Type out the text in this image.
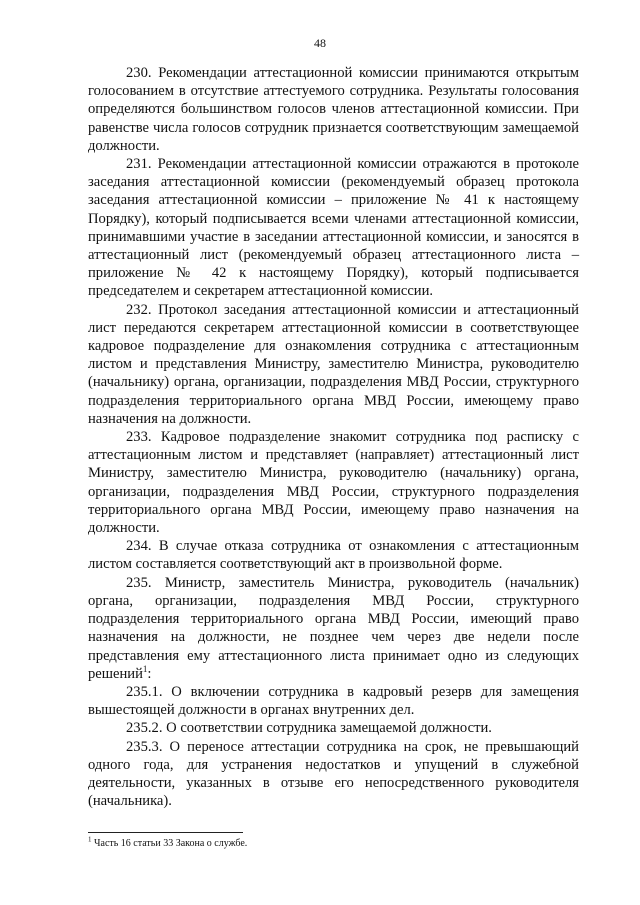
48

230. Рекомендации аттестационной комиссии принимаются открытым голосованием в отсутствие аттестуемого сотрудника. Результаты голосования определяются большинством голосов членов аттестационной комиссии. При равенстве числа голосов сотрудник признается соответствующим замещаемой должности.

231. Рекомендации аттестационной комиссии отражаются в протоколе заседания аттестационной комиссии (рекомендуемый образец протокола заседания аттестационной комиссии – приложение № 41 к настоящему Порядку), который подписывается всеми членами аттестационной комиссии, принимавшими участие в заседании аттестационной комиссии, и заносятся в аттестационный лист (рекомендуемый образец аттестационного листа – приложение № 42 к настоящему Порядку), который подписывается председателем и секретарем аттестационной комиссии.

232. Протокол заседания аттестационной комиссии и аттестационный лист передаются секретарем аттестационной комиссии в соответствующее кадровое подразделение для ознакомления сотрудника с аттестационным листом и представления Министру, заместителю Министра, руководителю (начальнику) органа, организации, подразделения МВД России, структурного подразделения территориального органа МВД России, имеющему право назначения на должности.

233. Кадровое подразделение знакомит сотрудника под расписку с аттестационным листом и представляет (направляет) аттестационный лист Министру, заместителю Министра, руководителю (начальнику) органа, организации, подразделения МВД России, структурного подразделения территориального органа МВД России, имеющему право назначения на должности.

234. В случае отказа сотрудника от ознакомления с аттестационным листом составляется соответствующий акт в произвольной форме.

235. Министр, заместитель Министра, руководитель (начальник) органа, организации, подразделения МВД России, структурного подразделения территориального органа МВД России, имеющий право назначения на должности, не позднее чем через две недели после представления ему аттестационного листа принимает одно из следующих решений$^1$:

235.1. О включении сотрудника в кадровый резерв для замещения вышестоящей должности в органах внутренних дел.

235.2. О соответствии сотрудника замещаемой должности.

235.3. О переносе аттестации сотрудника на срок, не превышающий одного года, для устранения недостатков и упущений в служебной деятельности, указанных в отзыве его непосредственного руководителя (начальника).

$^1$ Часть 16 статьи 33 Закона о службе.
